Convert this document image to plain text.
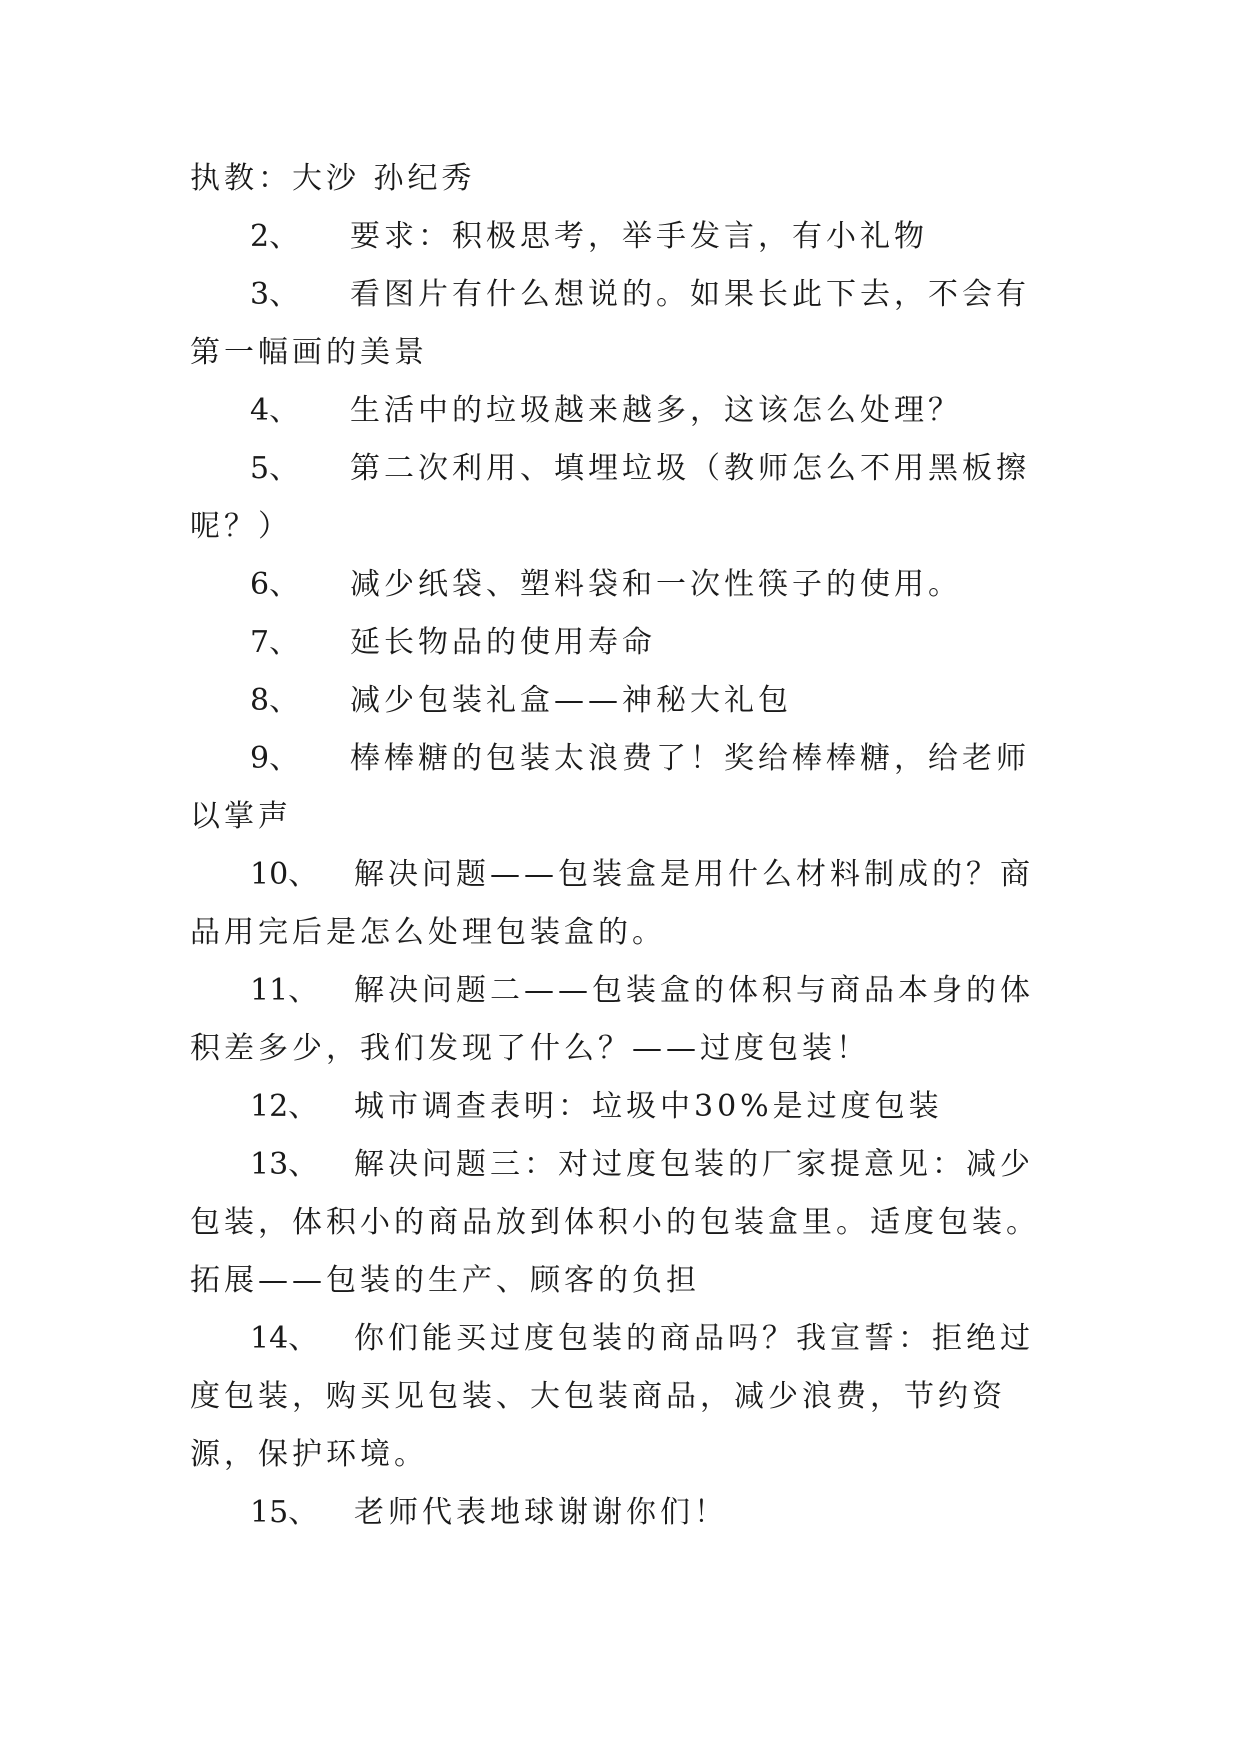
执教：大沙 孙纪秀
2、 要求：积极思考，举手发言，有小礼物
3、 看图片有什么想说的。如果长此下去，不会有第一幅画的美景
4、 生活中的垃圾越来越多，这该怎么处理？
5、 第二次利用、填埋垃圾（教师怎么不用黑板擦呢？）
6、 减少纸袋、塑料袋和一次性筷子的使用。
7、 延长物品的使用寿命
8、 减少包装礼盒——神秘大礼包
9、 棒棒糖的包装太浪费了！奖给棒棒糖，给老师以掌声
10、 解决问题——包装盒是用什么材料制成的？商品用完后是怎么处理包装盒的。
11、 解决问题二——包装盒的体积与商品本身的体积差多少，我们发现了什么？——过度包装！
12、 城市调查表明：垃圾中30%是过度包装
13、 解决问题三：对过度包装的厂家提意见：减少包装，体积小的商品放到体积小的包装盒里。适度包装。拓展——包装的生产、顾客的负担
14、 你们能买过度包装的商品吗？我宣誓：拒绝过度包装，购买见包装、大包装商品，减少浪费，节约资源，保护环境。
15、 老师代表地球谢谢你们！
